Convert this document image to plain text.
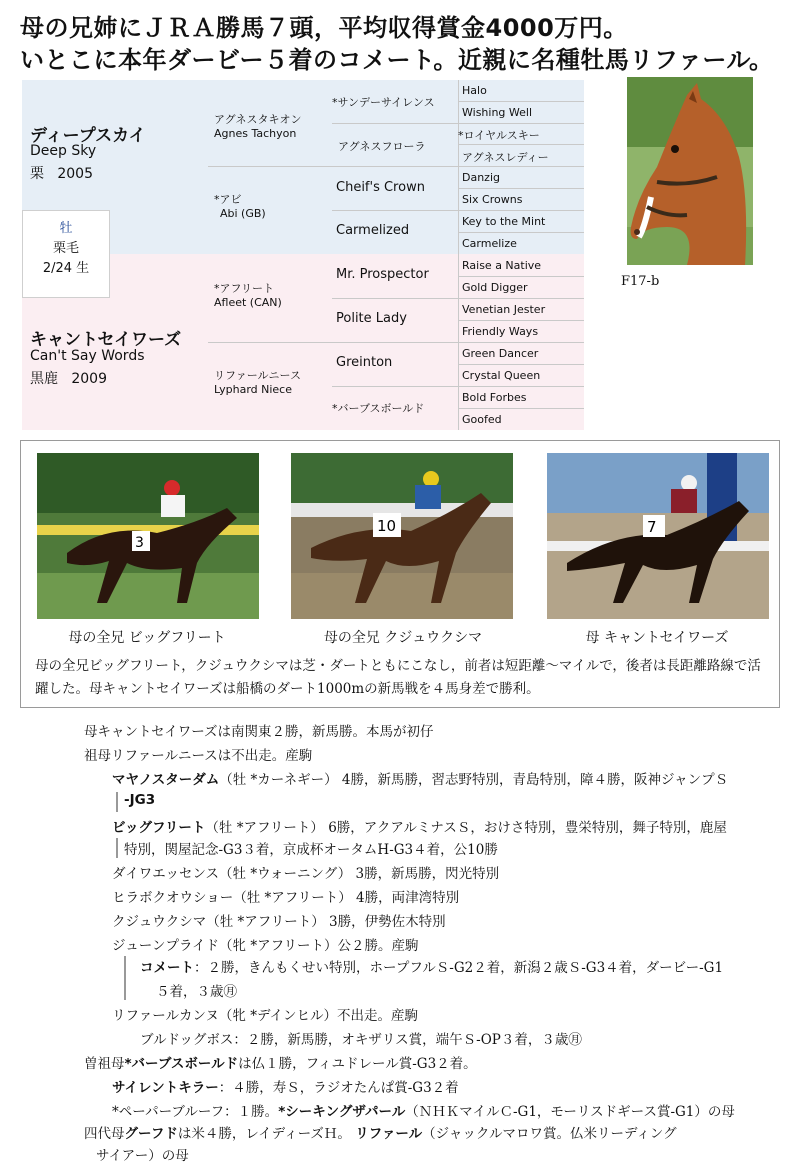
母の兄姉にＪＲＡ勝馬７頭，平均収得賞金4000万円。
いとこに本年ダービー５着のコメート。近親に名種牡馬リファール。
ディープスカイ
Deep Sky
栗 2005
牡
栗毛
2/24 生
キャントセイワーズ
Can't Say Words
黒鹿 2009
アグネスタキオン
Agnes Tachyon
*アビ
Abi (GB)
*アフリート
Afleet (CAN)
リファールニース
Lyphard Niece
*サンデーサイレンス
アグネスフローラ
Cheif's Crown
Carmelized
Mr. Prospector
Polite Lady
Greinton
*バーブスボールド
Halo
Wishing Well
*ロイヤルスキー
アグネスレディー
Danzig
Six Crowns
Key to the Mint
Carmelize
Raise a Native
Gold Digger
Venetian Jester
Friendly Ways
Green Dancer
Crystal Queen
Bold Forbes
Goofed
F17-b
3
母の全兄 ビッグフリート
10
母の全兄 クジュウクシマ
7
母 キャントセイワーズ
母の全兄ビッグフリート，クジュウクシマは芝・ダートともにこなし，前者は短距離〜マイルで，後者は長距離路線で活躍した。母キャントセイワーズは船橋のダート1000mの新馬戦を４馬身差で勝利。
母キャントセイワーズは南関東２勝，新馬勝。本馬が初仔
祖母リファールニースは不出走。産駒
マヤノスターダム（牡 *カーネギー） 4勝，新馬勝，習志野特別，青島特別，障４勝，阪神ジャンプＳ
-JG3
ビッグフリート（牡 *アフリート） 6勝，アクアルミナスＳ，おけさ特別，豊栄特別，舞子特別，鹿屋
特別，関屋記念-G3３着，京成杯オータムH-G3４着，公10勝
ダイワエッセンス（牡 *ウォーニング） 3勝，新馬勝，閃光特別
ヒラボクオウショー（牡 *アフリート） 4勝，両津湾特別
クジュウクシマ（牡 *アフリート） 3勝，伊勢佐木特別
ジューンプライド（牝 *アフリート）公２勝。産駒
コメート：２勝，きんもくせい特別，ホープフルＳ-G2２着，新潟２歳Ｓ-G3４着，ダービー-G1
５着，３歳㊊
リファールカンヌ（牝 *デインヒル）不出走。産駒
ブルドッグボス：２勝，新馬勝，オキザリス賞，端午Ｓ-OP３着，３歳㊊
曽祖母*バーブスボールドは仏１勝，フィユドレール賞-G3２着。
サイレントキラー：４勝，寿Ｓ，ラジオたんぱ賞-G3２着
*ペーパーブルーフ：１勝。*シーキングザパール（ＮＨＫマイルＣ-G1，モーリスドギース賞-G1）の母
四代母グーフドは米４勝，レイディーズＨ。 リファール（ジャックルマロワ賞。仏米リーディング
サイアー）の母
